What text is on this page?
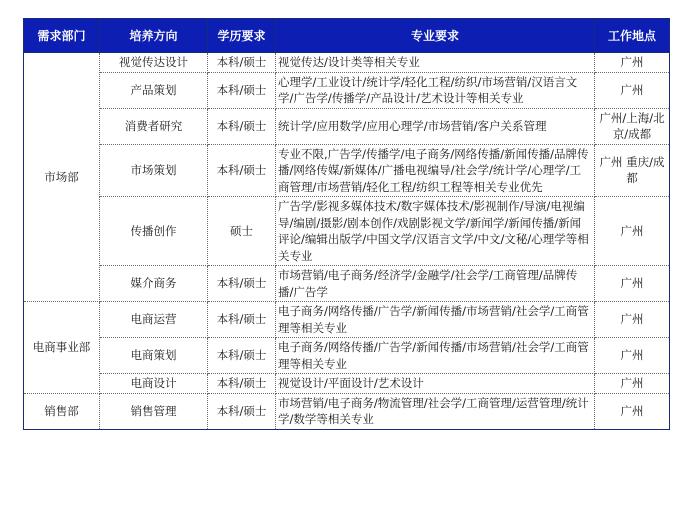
需求部门	培养方向	学历要求	专业要求	工作地点
市场部	视觉传达设计	本科/硕士	视觉传达/设计类等相关专业	广州
	产品策划	本科/硕士	心理学/工业设计/统计学/轻化工程/纺织/市场营销/汉语言文学/广告学/传播学/产品设计/艺术设计等相关专业	广州
	消费者研究	本科/硕士	统计学/应用数学/应用心理学/市场营销/客户关系管理	广州/上海/北京/成都
	市场策划	本科/硕士	专业不限,广告学/传播学/电子商务/网络传播/新闻传播/品牌传播/网络传媒/新媒体/广播电视编导/社会学/统计学/心理学/工商管理/市场营销/轻化工程/纺织工程等相关专业优先	广州 重庆/成都
	传播创作	硕士	广告学/影视多媒体技术/数字媒体技术/影视制作/导演/电视编导/编剧/摄影/剧本创作/戏剧影视文学/新闻学/新闻传播/新闻评论/编辑出版学/中国文学/汉语言文学/中文/文秘/心理学等相关专业	广州
	媒介商务	本科/硕士	市场营销/电子商务/经济学/金融学/社会学/工商管理/品牌传播/广告学	广州
电商事业部	电商运营	本科/硕士	电子商务/网络传播/广告学/新闻传播/市场营销/社会学/工商管理等相关专业	广州
	电商策划	本科/硕士	电子商务/网络传播/广告学/新闻传播/市场营销/社会学/工商管理等相关专业	广州
	电商设计	本科/硕士	视觉设计/平面设计/艺术设计	广州
销售部	销售管理	本科/硕士	市场营销/电子商务/物流管理/社会学/工商管理/运营管理/统计学/数学等相关专业	广州
